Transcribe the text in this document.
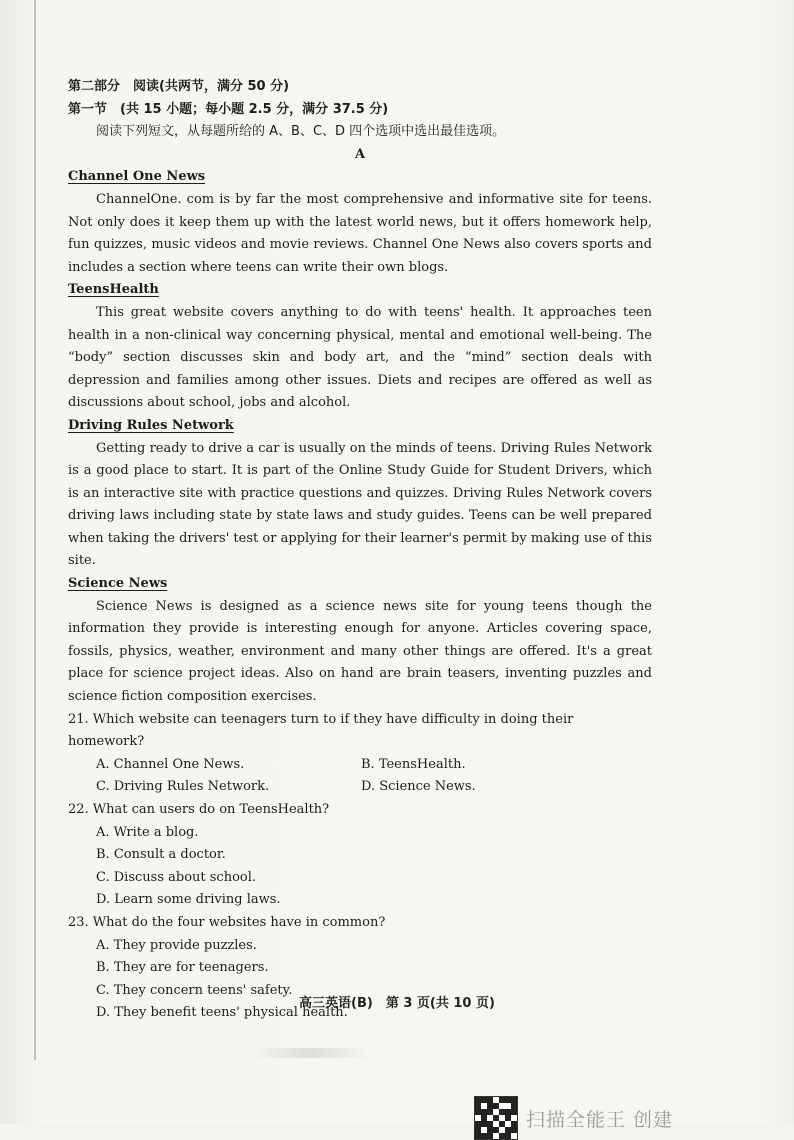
第二部分　阅读(共两节，满分 50 分)
第一节　(共 15 小题；每小题 2.5 分，满分 37.5 分)
阅读下列短文，从每题所给的 A、B、C、D 四个选项中选出最佳选项。
A
Channel One News
ChannelOne. com is by far the most comprehensive and informative site for teens. Not only does it keep them up with the latest world news, but it offers homework help, fun quizzes, music videos and movie reviews. Channel One News also covers sports and includes a section where teens can write their own blogs.
TeensHealth
This great website covers anything to do with teens' health. It approaches teen health in a non-clinical way concerning physical, mental and emotional well-being. The “body” section discusses skin and body art, and the “mind” section deals with depression and families among other issues. Diets and recipes are offered as well as discussions about school, jobs and alcohol.
Driving Rules Network
Getting ready to drive a car is usually on the minds of teens. Driving Rules Network is a good place to start. It is part of the Online Study Guide for Student Drivers, which is an interactive site with practice questions and quizzes. Driving Rules Network covers driving laws including state by state laws and study guides. Teens can be well prepared when taking the drivers' test or applying for their learner's permit by making use of this site.
Science News
Science News is designed as a science news site for young teens though the information they provide is interesting enough for anyone. Articles covering space, fossils, physics, weather, environment and many other things are offered. It's a great place for science project ideas. Also on hand are brain teasers, inventing puzzles and science fiction composition exercises.
21. Which website can teenagers turn to if they have difficulty in doing their homework?
A. Channel One News.	B. TeensHealth.
C. Driving Rules Network.	D. Science News.
22. What can users do on TeensHealth?
A. Write a blog.
B. Consult a doctor.
C. Discuss about school.
D. Learn some driving laws.
23. What do the four websites have in common?
A. They provide puzzles.
B. They are for teenagers.
C. They concern teens' safety.
D. They benefit teens' physical health.
高三英语(B)　第 3 页(共 10 页)
扫描全能王 创建
